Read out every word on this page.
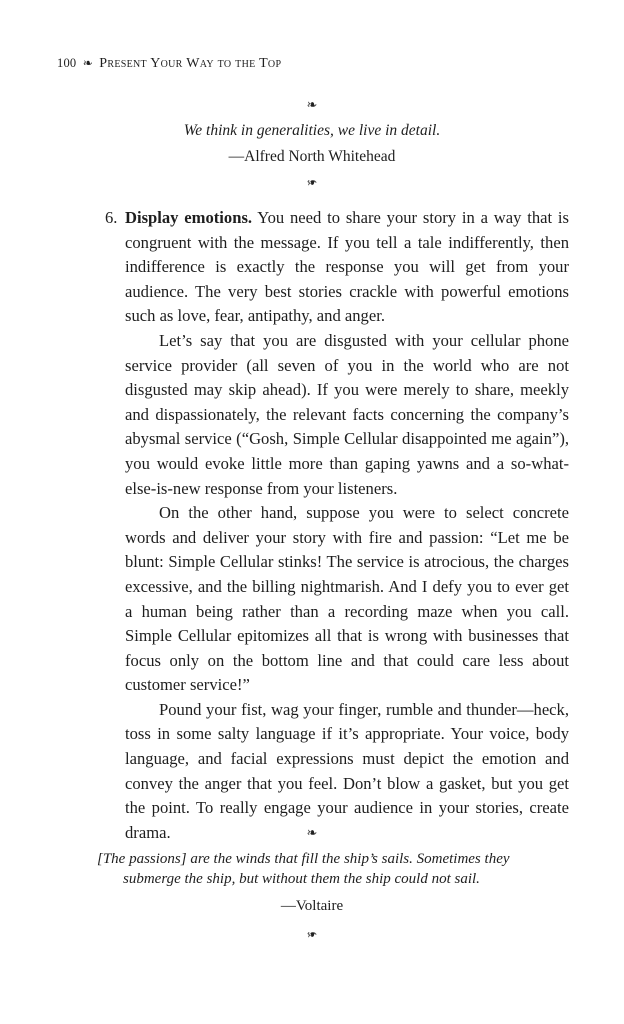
100 ❧ Present Your Way to the Top
❧
We think in generalities, we live in detail.
—Alfred North Whitehead
❧
6. Display emotions. You need to share your story in a way that is congruent with the message. If you tell a tale indifferently, then indifference is exactly the response you will get from your audience. The very best stories crackle with powerful emotions such as love, fear, antipathy, and anger.

Let’s say that you are disgusted with your cellular phone service provider (all seven of you in the world who are not disgusted may skip ahead). If you were merely to share, meekly and dispassionately, the relevant facts concerning the company’s abysmal service (“Gosh, Simple Cellular disappointed me again”), you would evoke little more than gaping yawns and a so-what-else-is-new response from your listeners.

On the other hand, suppose you were to select concrete words and deliver your story with fire and passion: “Let me be blunt: Simple Cellular stinks! The service is atrocious, the charges excessive, and the billing nightmarish. And I defy you to ever get a human being rather than a recording maze when you call. Simple Cellular epitomizes all that is wrong with businesses that focus only on the bottom line and that could care less about customer service!”

Pound your fist, wag your finger, rumble and thunder—heck, toss in some salty language if it’s appropriate. Your voice, body language, and facial expressions must depict the emotion and convey the anger that you feel. Don’t blow a gasket, but you get the point. To really engage your audience in your stories, create drama.	❧
[The passions] are the winds that fill the ship’s sails. Sometimes they submerge the ship, but without them the ship could not sail.
—Voltaire
❧
